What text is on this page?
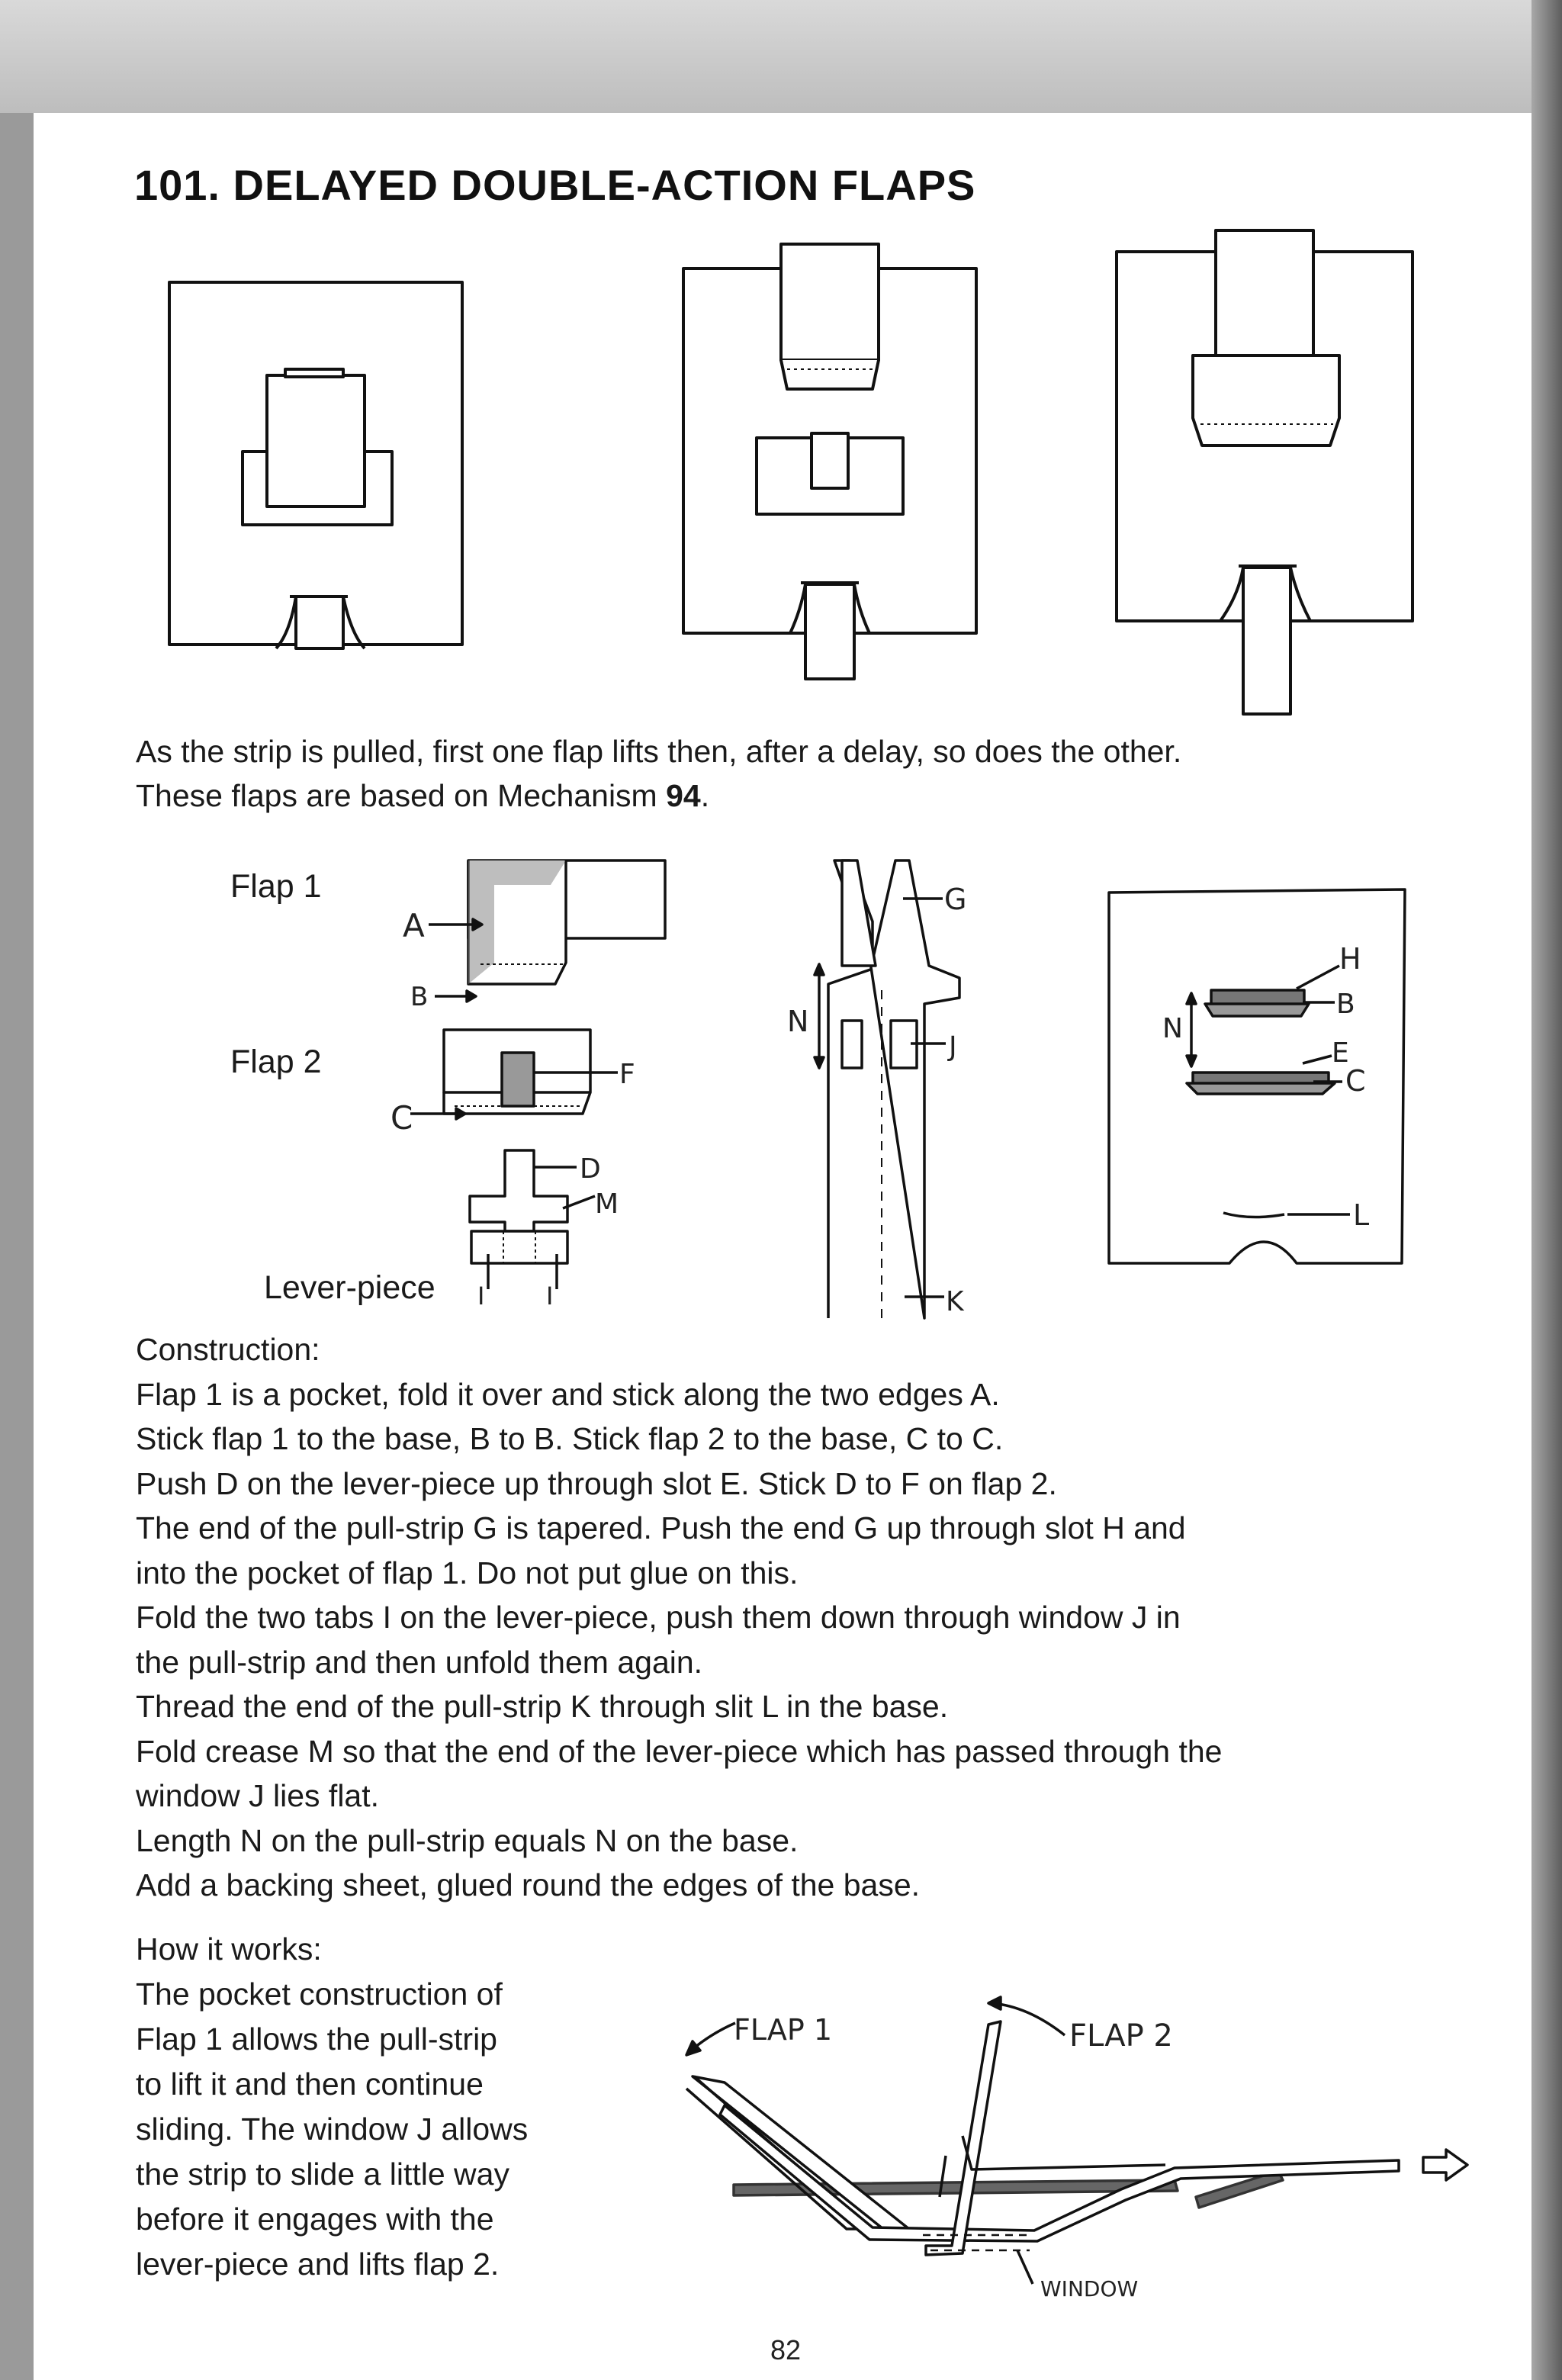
101. DELAYED DOUBLE-ACTION FLAPS
As the strip is pulled, first one flap lifts then, after a delay, so does the other.
These flaps are based on Mechanism 94.
Flap 1
Flap 2
Lever-piece
A
B
F
C
D
M
I	I
G
N
J
K
H
B
N
E
C
L
Construction:
Flap 1 is a pocket, fold it over and stick along the two edges A.
Stick flap 1 to the base, B to B. Stick flap 2 to the base, C to C.
Push D on the lever-piece up through slot E. Stick D to F on flap 2.
The end of the pull-strip G is tapered. Push the end G up through slot H and
into the pocket of flap 1. Do not put glue on this.
Fold the two tabs I on the lever-piece, push them down through window J in
the pull-strip and then unfold them again.
Thread the end of the pull-strip K through slit L in the base.
Fold crease M so that the end of the lever-piece which has passed through the
window J lies flat.
Length N on the pull-strip equals N on the base.
Add a backing sheet, glued round the edges of the base.
How it works:
The pocket construction of
Flap 1 allows the pull-strip
to lift it and then continue
sliding. The window J allows
the strip to slide a little way
before it engages with the
lever-piece and lifts flap 2.
FLAP 1	FLAP 2
WINDOW
82
